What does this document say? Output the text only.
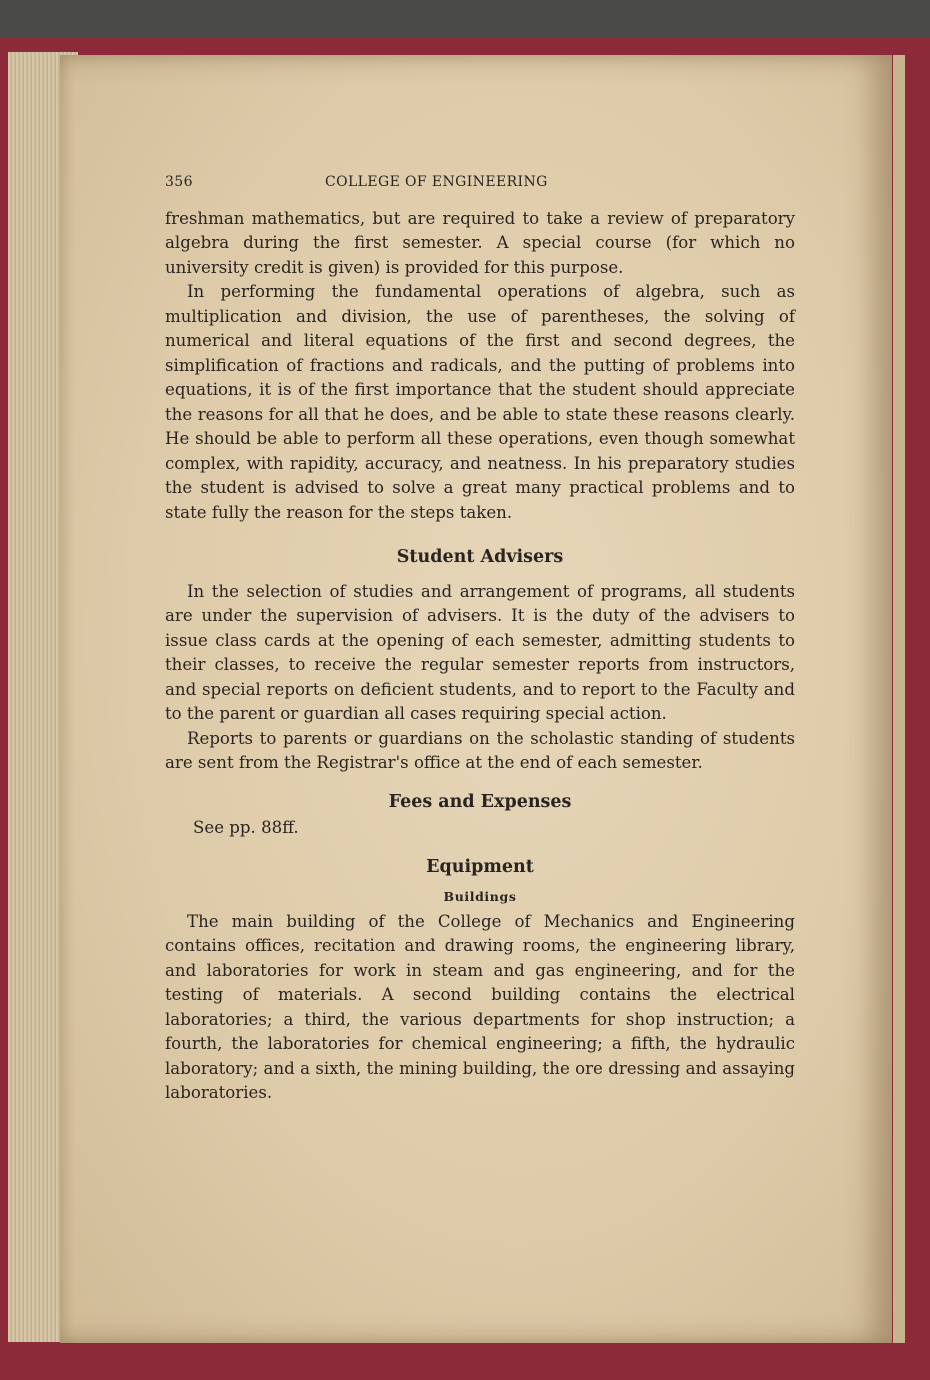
356	COLLEGE OF ENGINEERING

freshman mathematics, but are required to take a review of preparatory algebra during the first semester. A special course (for which no university credit is given) is provided for this purpose.

In performing the fundamental operations of algebra, such as multiplication and division, the use of parentheses, the solving of numerical and literal equations of the first and second degrees, the simplification of fractions and radicals, and the putting of problems into equations, it is of the first importance that the student should appreciate the reasons for all that he does, and be able to state these reasons clearly. He should be able to perform all these operations, even though somewhat complex, with rapidity, accuracy, and neatness. In his preparatory studies the student is advised to solve a great many practical problems and to state fully the reason for the steps taken.

Student Advisers

In the selection of studies and arrangement of programs, all students are under the supervision of advisers. It is the duty of the advisers to issue class cards at the opening of each semester, admitting students to their classes, to receive the regular semester reports from instructors, and special reports on deficient students, and to report to the Faculty and to the parent or guardian all cases requiring special action.

Reports to parents or guardians on the scholastic standing of students are sent from the Registrar's office at the end of each semester.

Fees and Expenses
See pp. 88ff.
Equipment
Buildings

The main building of the College of Mechanics and Engineering contains offices, recitation and drawing rooms, the engineering library, and laboratories for work in steam and gas engineering, and for the testing of materials. A second building contains the electrical laboratories; a third, the various departments for shop instruction; a fourth, the laboratories for chemical engineering; a fifth, the hydraulic laboratory; and a sixth, the mining building, the ore dressing and assaying laboratories.
